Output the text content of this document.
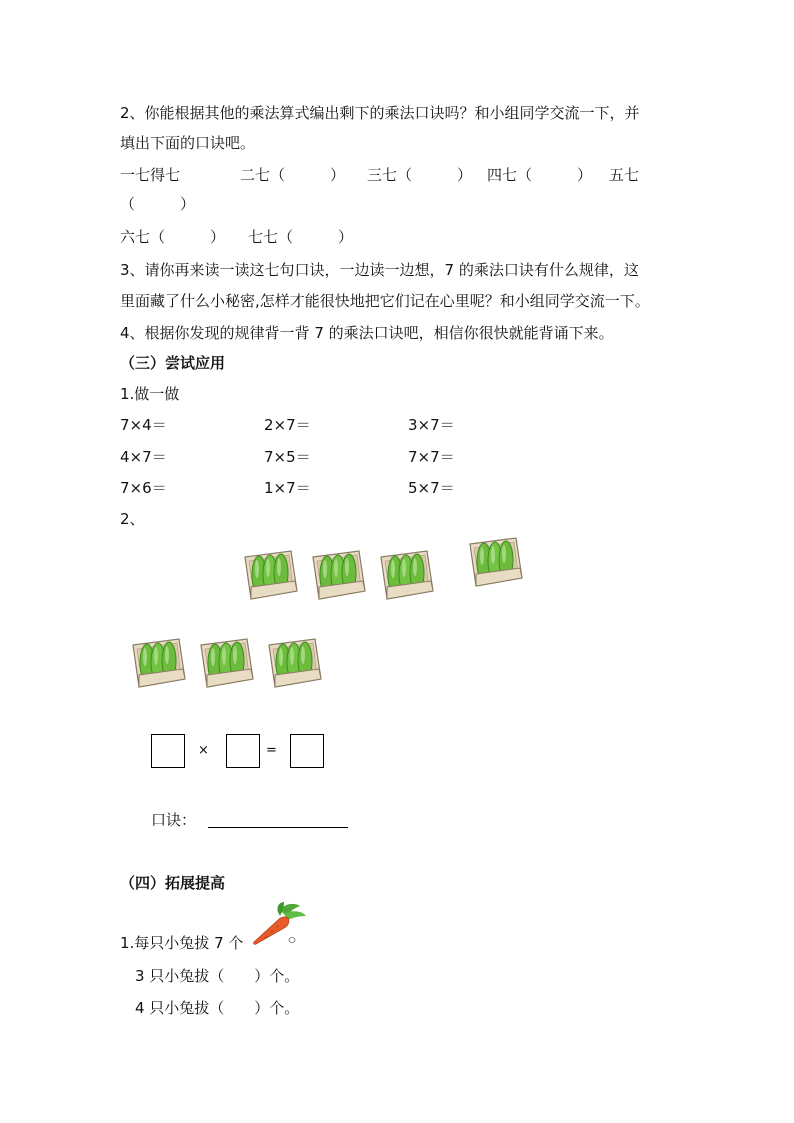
2、你能根据其他的乘法算式编出剩下的乘法口诀吗？和小组同学交流一下，并
填出下面的口诀吧。
一七得七	二七（　　　） 三七（　　　） 四七（　　　） 五七
（　　　）
六七（　　　） 七七（　　　）
3、请你再来读一读这七句口诀，一边读一边想，7 的乘法口诀有什么规律，这
里面藏了什么小秘密,怎样才能很快地把它们记在心里呢？和小组同学交流一下。
4、根据你发现的规律背一背 7 的乘法口诀吧，相信你很快就能背诵下来。
（三）尝试应用
1.做一做
7×4＝	2×7＝	3×7＝
4×7＝	7×5＝	7×7＝
7×6＝	1×7＝	5×7＝
2、
×	=
口诀：
（四）拓展提高
1.每只小兔拔 7 个
3 只小兔拔（　　）个。
4 只小兔拔（　　）个。
